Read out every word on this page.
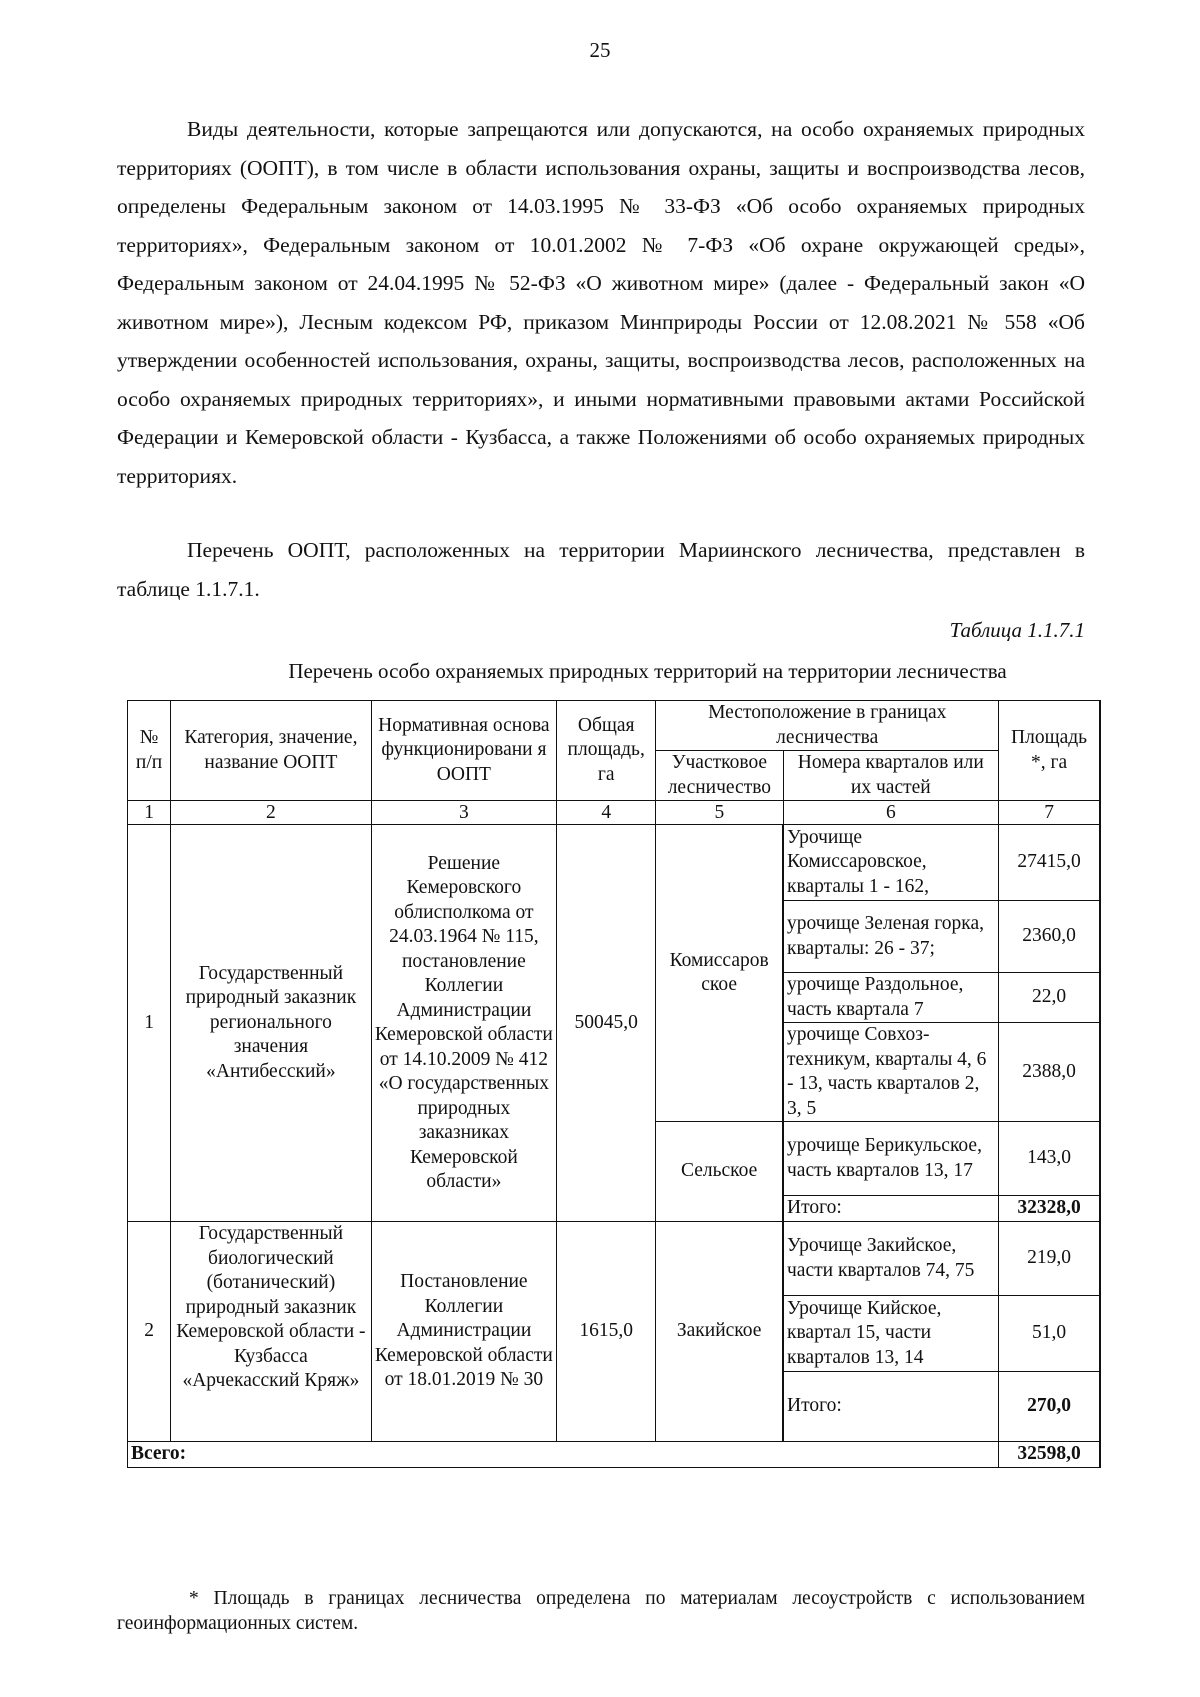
25

Виды деятельности, которые запрещаются или допускаются, на особо охраняемых природных территориях (ООПТ), в том числе в области использования охраны, защиты и воспроизводства лесов, определены Федеральным законом от 14.03.1995 № 33-ФЗ «Об особо охраняемых природных территориях», Федеральным законом от 10.01.2002 № 7-ФЗ «Об охране окружающей среды», Федеральным законом от 24.04.1995 № 52-ФЗ «О животном мире» (далее - Федеральный закон «О животном мире»), Лесным кодексом РФ, приказом Минприроды России от 12.08.2021 № 558 «Об утверждении особенностей использования, охраны, защиты, воспроизводства лесов, расположенных на особо охраняемых природных территориях», и иными нормативными правовыми актами Российской Федерации и Кемеровской области - Кузбасса, а также Положениями об особо охраняемых природных территориях.

Перечень ООПТ, расположенных на территории Мариинского лесничества, представлен в таблице 1.1.7.1.

Таблица 1.1.7.1
Перечень особо охраняемых природных территорий на территории лесничества
№ п/п	Категория, значение, название ООПТ	Нормативная основа функционировани я ООПТ	Общая площадь, га	Местоположение в границах лесничества		Площадь *, га
				Участковое лесничество	Номера кварталов или их частей	
1	2	3	4	5	6	7
1	Государственный природный заказник регионального значения «Антибесский»	Решение Кемеровского облисполкома от 24.03.1964 № 115, постановление Коллегии Администрации Кемеровской области от 14.10.2009 № 412 «О государственных природных заказниках Кемеровской области»	50045,0	Комиссаров ское	Урочище Комиссаровское, кварталы 1 - 162,	27415,0
					урочище Зеленая горка, кварталы: 26 - 37;	2360,0
					урочище Раздольное, часть квартала 7	22,0
					урочище Совхоз-техникум, кварталы 4, 6 - 13, часть кварталов 2, 3, 5	2388,0
				Сельское	урочище Берикульское, часть кварталов 13, 17	143,0
					Итого:	32328,0
2	Государственный биологический (ботанический) природный заказник Кемеровской области - Кузбасса «Арчекасский Кряж»	Постановление Коллегии Администрации Кемеровской области от 18.01.2019 № 30	1615,0	Закийское	Урочище Закийское, части кварталов 74, 75	219,0
					Урочище Кийское, квартал 15, части кварталов 13, 14	51,0
					Итого:	270,0
Всего:						32598,0
* Площадь в границах лесничества определена по материалам лесоустройств с использованием геоинформационных систем.
